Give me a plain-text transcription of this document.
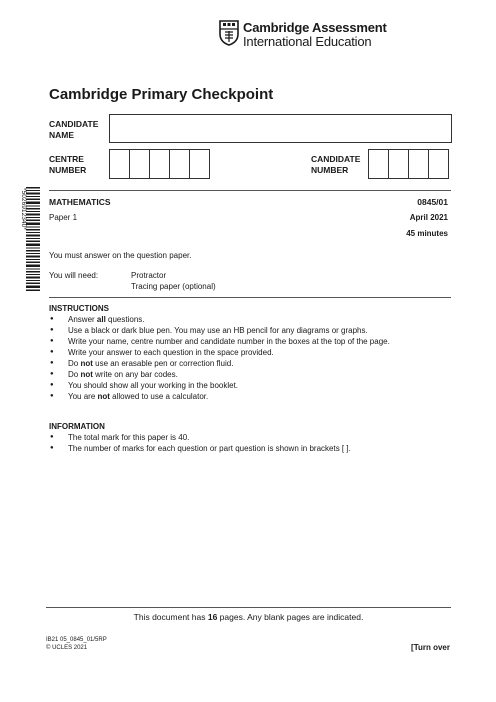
Cambridge Assessment
International Education
Cambridge Primary Checkpoint
CANDIDATE
NAME
CENTRE
NUMBER
CANDIDATE
NUMBER
*5026912340*	MATHEMATICS	0845/01
Paper 1	April 2021
45 minutes
You must answer on the question paper.
You will need:	Protractor
Tracing paper (optional)
INSTRUCTIONS
● Answer all questions.
● Use a black or dark blue pen. You may use an HB pencil for any diagrams or graphs.
● Write your name, centre number and candidate number in the boxes at the top of the page.
● Write your answer to each question in the space provided.
● Do not use an erasable pen or correction fluid.
● Do not write on any bar codes.
● You should show all your working in the booklet.
● You are not allowed to use a calculator.
INFORMATION
● The total mark for this paper is 40.
● The number of marks for each question or part question is shown in brackets [ ].
This document has 16 pages. Any blank pages are indicated.
IB21 05_0845_01/5RP
© UCLES 2021	[Turn over
